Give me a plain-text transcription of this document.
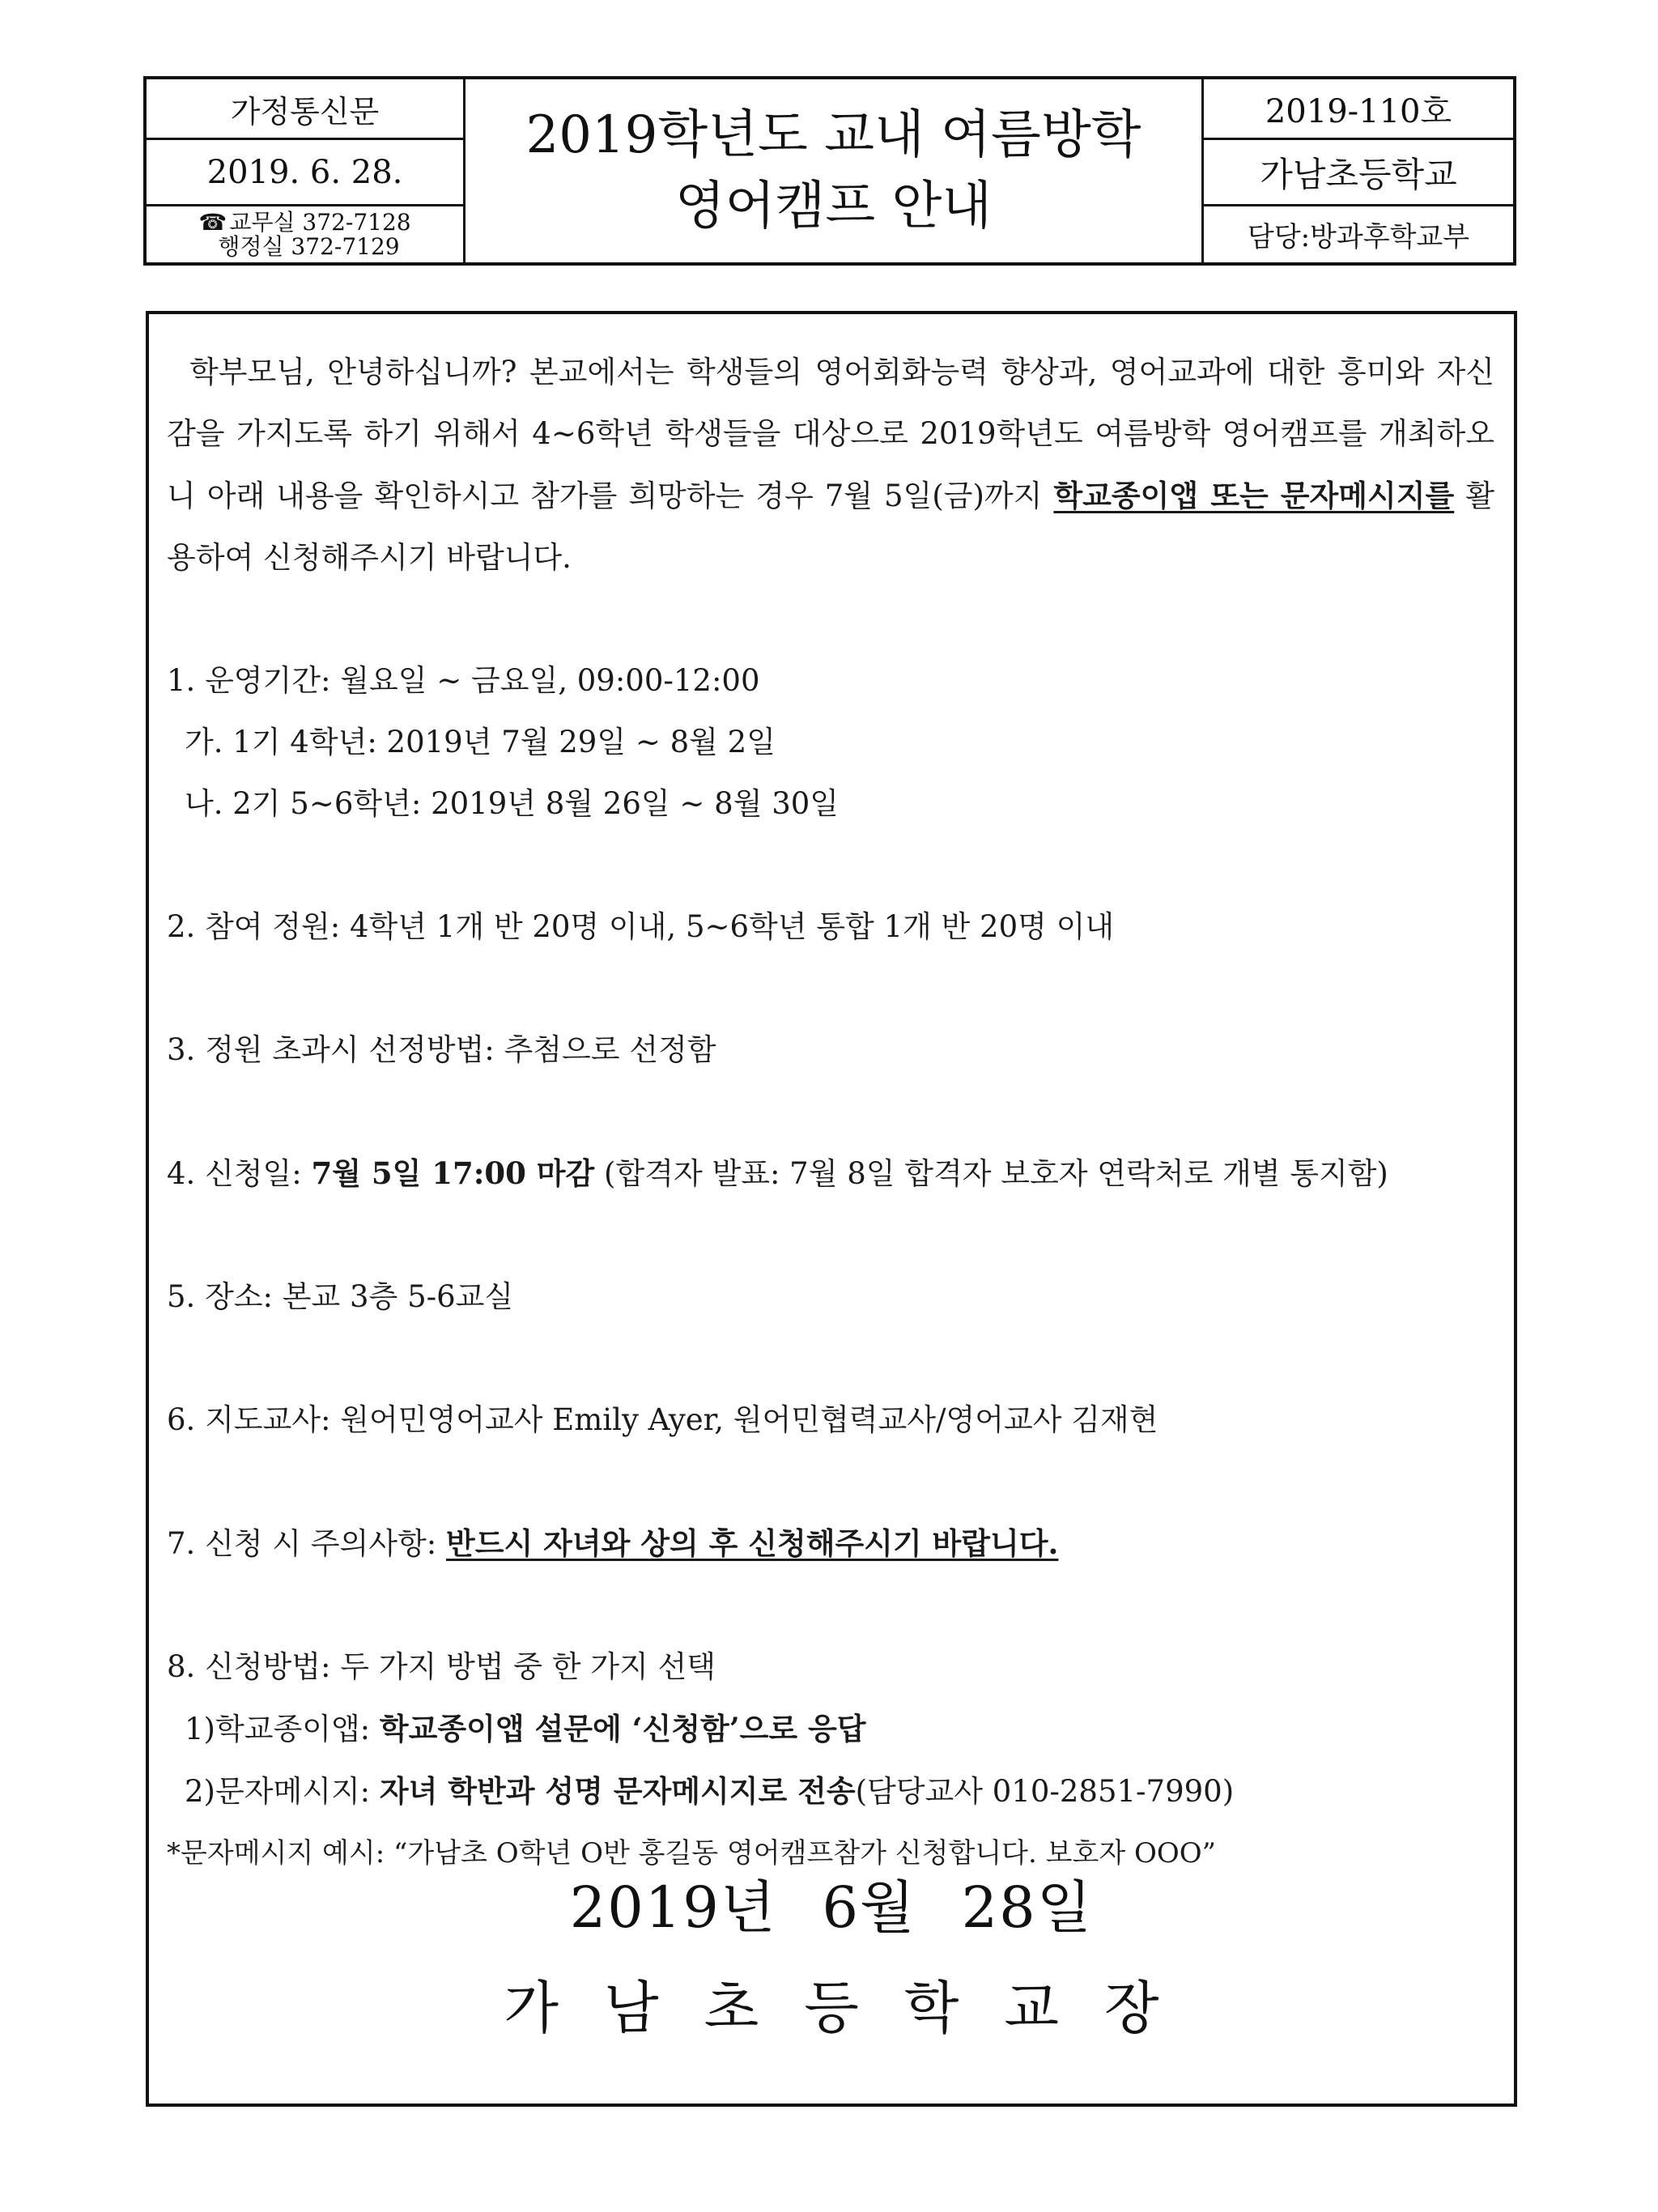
가정통신문
2019. 6. 28.
☎ 교무실 372-7128
행정실 372-7129
2019학년도 교내 여름방학
영어캠프 안내
2019-110호
가남초등학교
담당:방과후학교부

학부모님, 안녕하십니까? 본교에서는 학생들의 영어회화능력 향상과, 영어교과에 대한 흥미와 자신감을 가지도록 하기 위해서 4~6학년 학생들을 대상으로 2019학년도 여름방학 영어캠프를 개최하오니 아래 내용을 확인하시고 참가를 희망하는 경우 7월 5일(금)까지 학교종이앱 또는 문자메시지를 활용하여 신청해주시기 바랍니다.

1. 운영기간: 월요일 ~ 금요일, 09:00-12:00
가. 1기 4학년: 2019년 7월 29일 ~ 8월 2일
나. 2기 5~6학년: 2019년 8월 26일 ~ 8월 30일
2. 참여 정원: 4학년 1개 반 20명 이내, 5~6학년 통합 1개 반 20명 이내
3. 정원 초과시 선정방법: 추첨으로 선정함
4. 신청일: 7월 5일 17:00 마감 (합격자 발표: 7월 8일 합격자 보호자 연락처로 개별 통지함)
5. 장소: 본교 3층 5-6교실
6. 지도교사: 원어민영어교사 Emily Ayer, 원어민협력교사/영어교사 김재현
7. 신청 시 주의사항: 반드시 자녀와 상의 후 신청해주시기 바랍니다.
8. 신청방법: 두 가지 방법 중 한 가지 선택
1)학교종이앱: 학교종이앱 설문에 ‘신청함’으로 응답
2)문자메시지: 자녀 학반과 성명 문자메시지로 전송(담당교사 010-2851-7990)
*문자메시지 예시: “가남초 O학년 O반 홍길동 영어캠프참가 신청합니다. 보호자 OOO”
2019년 6월 28일
가남초등학교장
